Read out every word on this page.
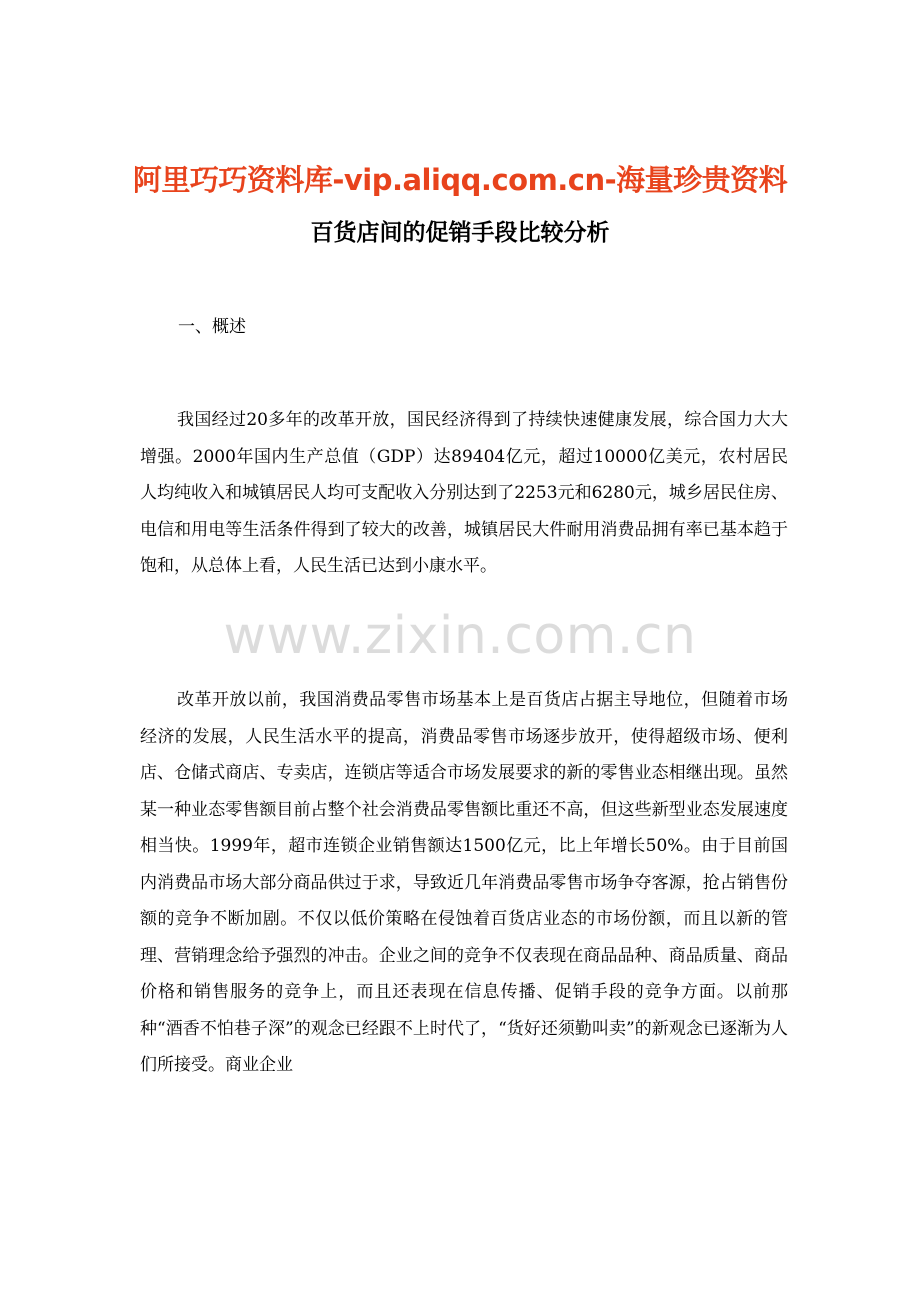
阿里巧巧资料库-vip.aliqq.com.cn-海量珍贵资料
百货店间的促销手段比较分析
一、概述

我国经过20多年的改革开放，国民经济得到了持续快速健康发展，综合国力大大增强。2000年国内生产总值（GDP）达89404亿元，超过10000亿美元，农村居民人均纯收入和城镇居民人均可支配收入分别达到了2253元和6280元，城乡居民住房、电信和用电等生活条件得到了较大的改善，城镇居民大件耐用消费品拥有率已基本趋于饱和，从总体上看，人民生活已达到小康水平。

改革开放以前，我国消费品零售市场基本上是百货店占据主导地位，但随着市场经济的发展，人民生活水平的提高，消费品零售市场逐步放开，使得超级市场、便利店、仓储式商店、专卖店，连锁店等适合市场发展要求的新的零售业态相继出现。虽然某一种业态零售额目前占整个社会消费品零售额比重还不高，但这些新型业态发展速度相当快。1999年，超市连锁企业销售额达1500亿元，比上年增长50%。由于目前国内消费品市场大部分商品供过于求，导致近几年消费品零售市场争夺客源，抢占销售份额的竞争不断加剧。不仅以低价策略在侵蚀着百货店业态的市场份额，而且以新的管理、营销理念给予强烈的冲击。企业之间的竞争不仅表现在商品品种、商品质量、商品价格和销售服务的竞争上，而且还表现在信息传播、促销手段的竞争方面。以前那种“酒香不怕巷子深”的观念已经跟不上时代了，“货好还须勤叫卖”的新观念已逐渐为人们所接受。商业企业

www.zixin.com.cn
